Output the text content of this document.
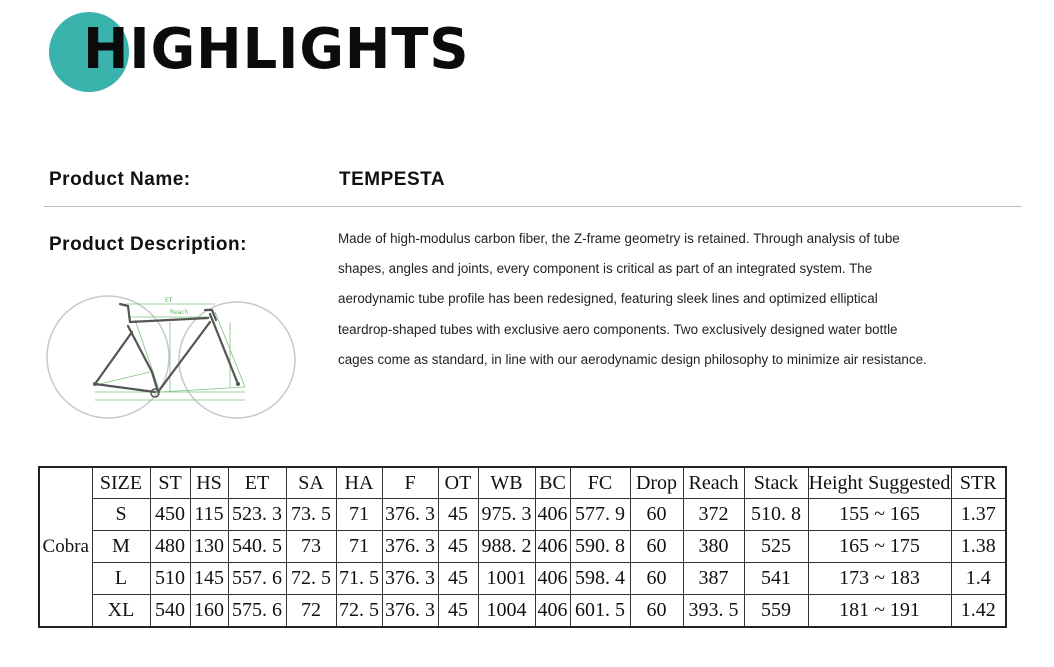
HIGHLIGHTS
Product Name:	TEMPESTA
Product Description:	Made of high-modulus carbon fiber, the Z-frame geometry is retained. Through analysis of tube
shapes, angles and joints, every component is critical as part of an integrated system. The
aerodynamic tube profile has been redesigned, featuring sleek lines and optimized elliptical
teardrop-shaped tubes with exclusive aero components. Two exclusively designed water bottle
cages come as standard, in line with our aerodynamic design philosophy to minimize air resistance.
ET
Reach
Cobra	SIZE	ST	HS	ET	SA	HA	F	OT	WB	BC	FC	Drop	Reach	Stack	Height Suggested	STR
	S	450	115	523. 3	73. 5	71	376. 3	45	975. 3	406	577. 9	60	372	510. 8	155 ~ 165	1.37
	M	480	130	540. 5	73	71	376. 3	45	988. 2	406	590. 8	60	380	525	165 ~ 175	1.38
	L	510	145	557. 6	72. 5	71. 5	376. 3	45	1001	406	598. 4	60	387	541	173 ~ 183	1.4
	XL	540	160	575. 6	72	72. 5	376. 3	45	1004	406	601. 5	60	393. 5	559	181 ~ 191	1.42
